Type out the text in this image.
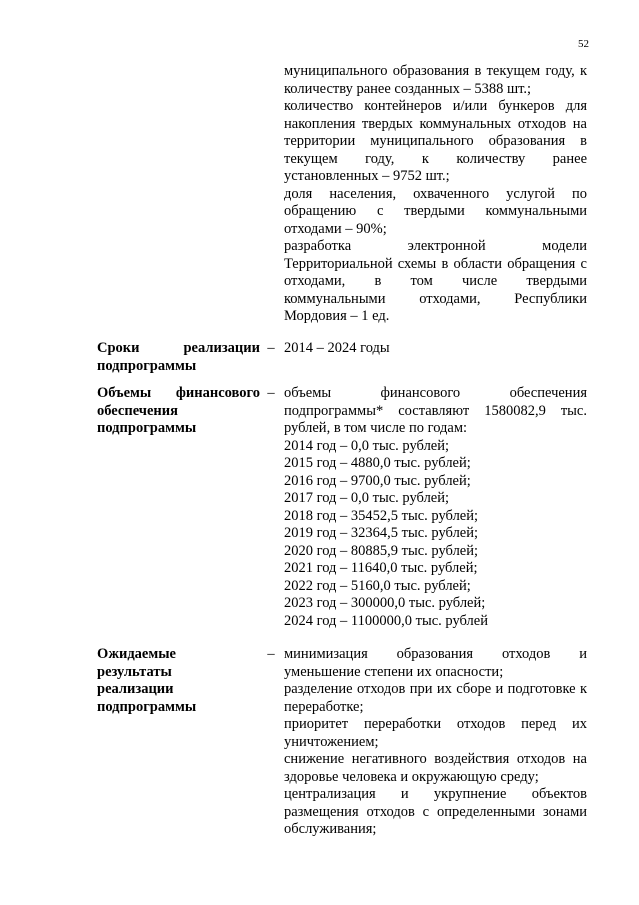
52
муниципального образования в текущем году, к количеству ранее созданных – 5388 шт.;
количество контейнеров и/или бункеров для накопления твердых коммунальных отходов на территории муниципального образования в текущем году, к количеству ранее установленных – 9752 шт.;
доля населения, охваченного услугой по обращению с твердыми коммунальными отходами – 90%;
разработка электронной модели Территориальной схемы в области обращения с отходами, в том числе твердыми коммунальными отходами, Республики Мордовия – 1 ед.
Сроки реализации
подпрограммы
– 2014 – 2024 годы
Объемы финансового
обеспечения
подпрограммы
– объемы финансового обеспечения подпрограммы* составляют 1580082,9 тыс. рублей, в том числе по годам:
2014 год – 0,0 тыс. рублей;
2015 год – 4880,0 тыс. рублей;
2016 год – 9700,0 тыс. рублей;
2017 год – 0,0 тыс. рублей;
2018 год – 35452,5 тыс. рублей;
2019 год – 32364,5 тыс. рублей;
2020 год – 80885,9 тыс. рублей;
2021 год – 11640,0 тыс. рублей;
2022 год – 5160,0 тыс. рублей;
2023 год – 300000,0 тыс. рублей;
2024 год – 1100000,0 тыс. рублей
Ожидаемые
результаты
реализации
подпрограммы
– минимизация образования отходов и уменьшение степени их опасности;
разделение отходов при их сборе и подготовке к переработке;
приоритет переработки отходов перед их уничтожением;
снижение негативного воздействия отходов на здоровье человека и окружающую среду;
централизация и укрупнение объектов размещения отходов с определенными зонами обслуживания;
